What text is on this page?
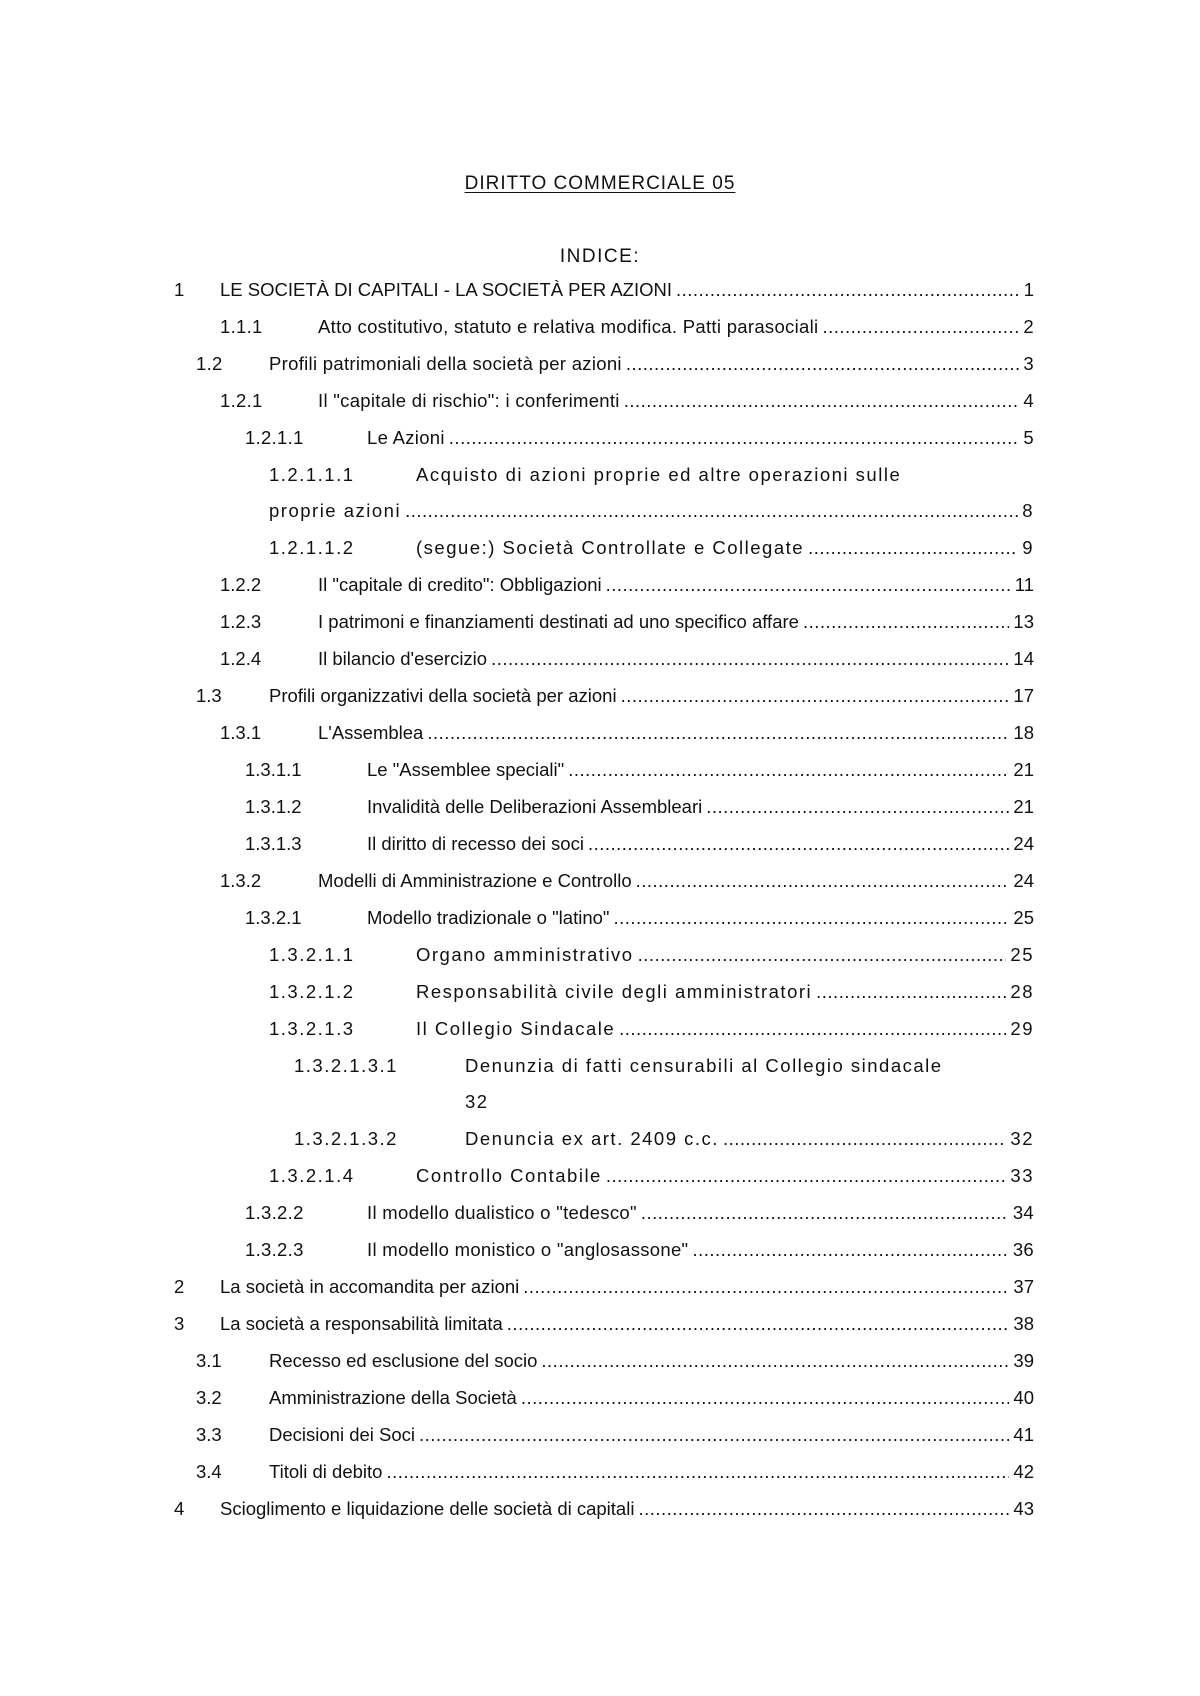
DIRITTO COMMERCIALE 05
INDICE:
1 LE SOCIETÀ DI CAPITALI - LA SOCIETÀ PER AZIONI .....	1
1.1.1	Atto costitutivo, statuto e relativa modifica. Patti parasociali .....	2
1.2	Profili patrimoniali della società per azioni .....	3
1.2.1	Il "capitale di rischio": i conferimenti .....	4
1.2.1.1	Le Azioni .....	5
1.2.1.1.1	Acquisto di azioni proprie ed altre operazioni sulle
proprie azioni .....	8
1.2.1.1.2	(segue:) Società Controllate e Collegate .....	9
1.2.2	Il "capitale di credito": Obbligazioni .....	11
1.2.3	I patrimoni e finanziamenti destinati ad uno specifico affare .....	13
1.2.4	Il bilancio d'esercizio .....	14
1.3	Profili organizzativi della società per azioni .....	17
1.3.1	L'Assemblea .....	18
1.3.1.1	Le "Assemblee speciali" .....	21
1.3.1.2	Invalidità delle Deliberazioni Assembleari .....	21
1.3.1.3	Il diritto di recesso dei soci .....	24
1.3.2	Modelli di Amministrazione e Controllo .....	24
1.3.2.1	Modello tradizionale o "latino" .....	25
1.3.2.1.1	Organo amministrativo .....	25
1.3.2.1.2	Responsabilità civile degli amministratori .....	28
1.3.2.1.3	Il Collegio Sindacale .....	29
1.3.2.1.3.1	Denunzia di fatti censurabili al Collegio sindacale
32
1.3.2.1.3.2	Denuncia ex art. 2409 c.c. .....	32
1.3.2.1.4	Controllo Contabile .....	33
1.3.2.2	Il modello dualistico o "tedesco" .....	34
1.3.2.3	Il modello monistico o "anglosassone" .....	36
2 La società in accomandita per azioni .....	37
3 La società a responsabilità limitata .....	38
3.1	Recesso ed esclusione del socio .....	39
3.2	Amministrazione della Società .....	40
3.3	Decisioni dei Soci .....	41
3.4	Titoli di debito .....	42
4 Scioglimento e liquidazione delle società di capitali .....	43
